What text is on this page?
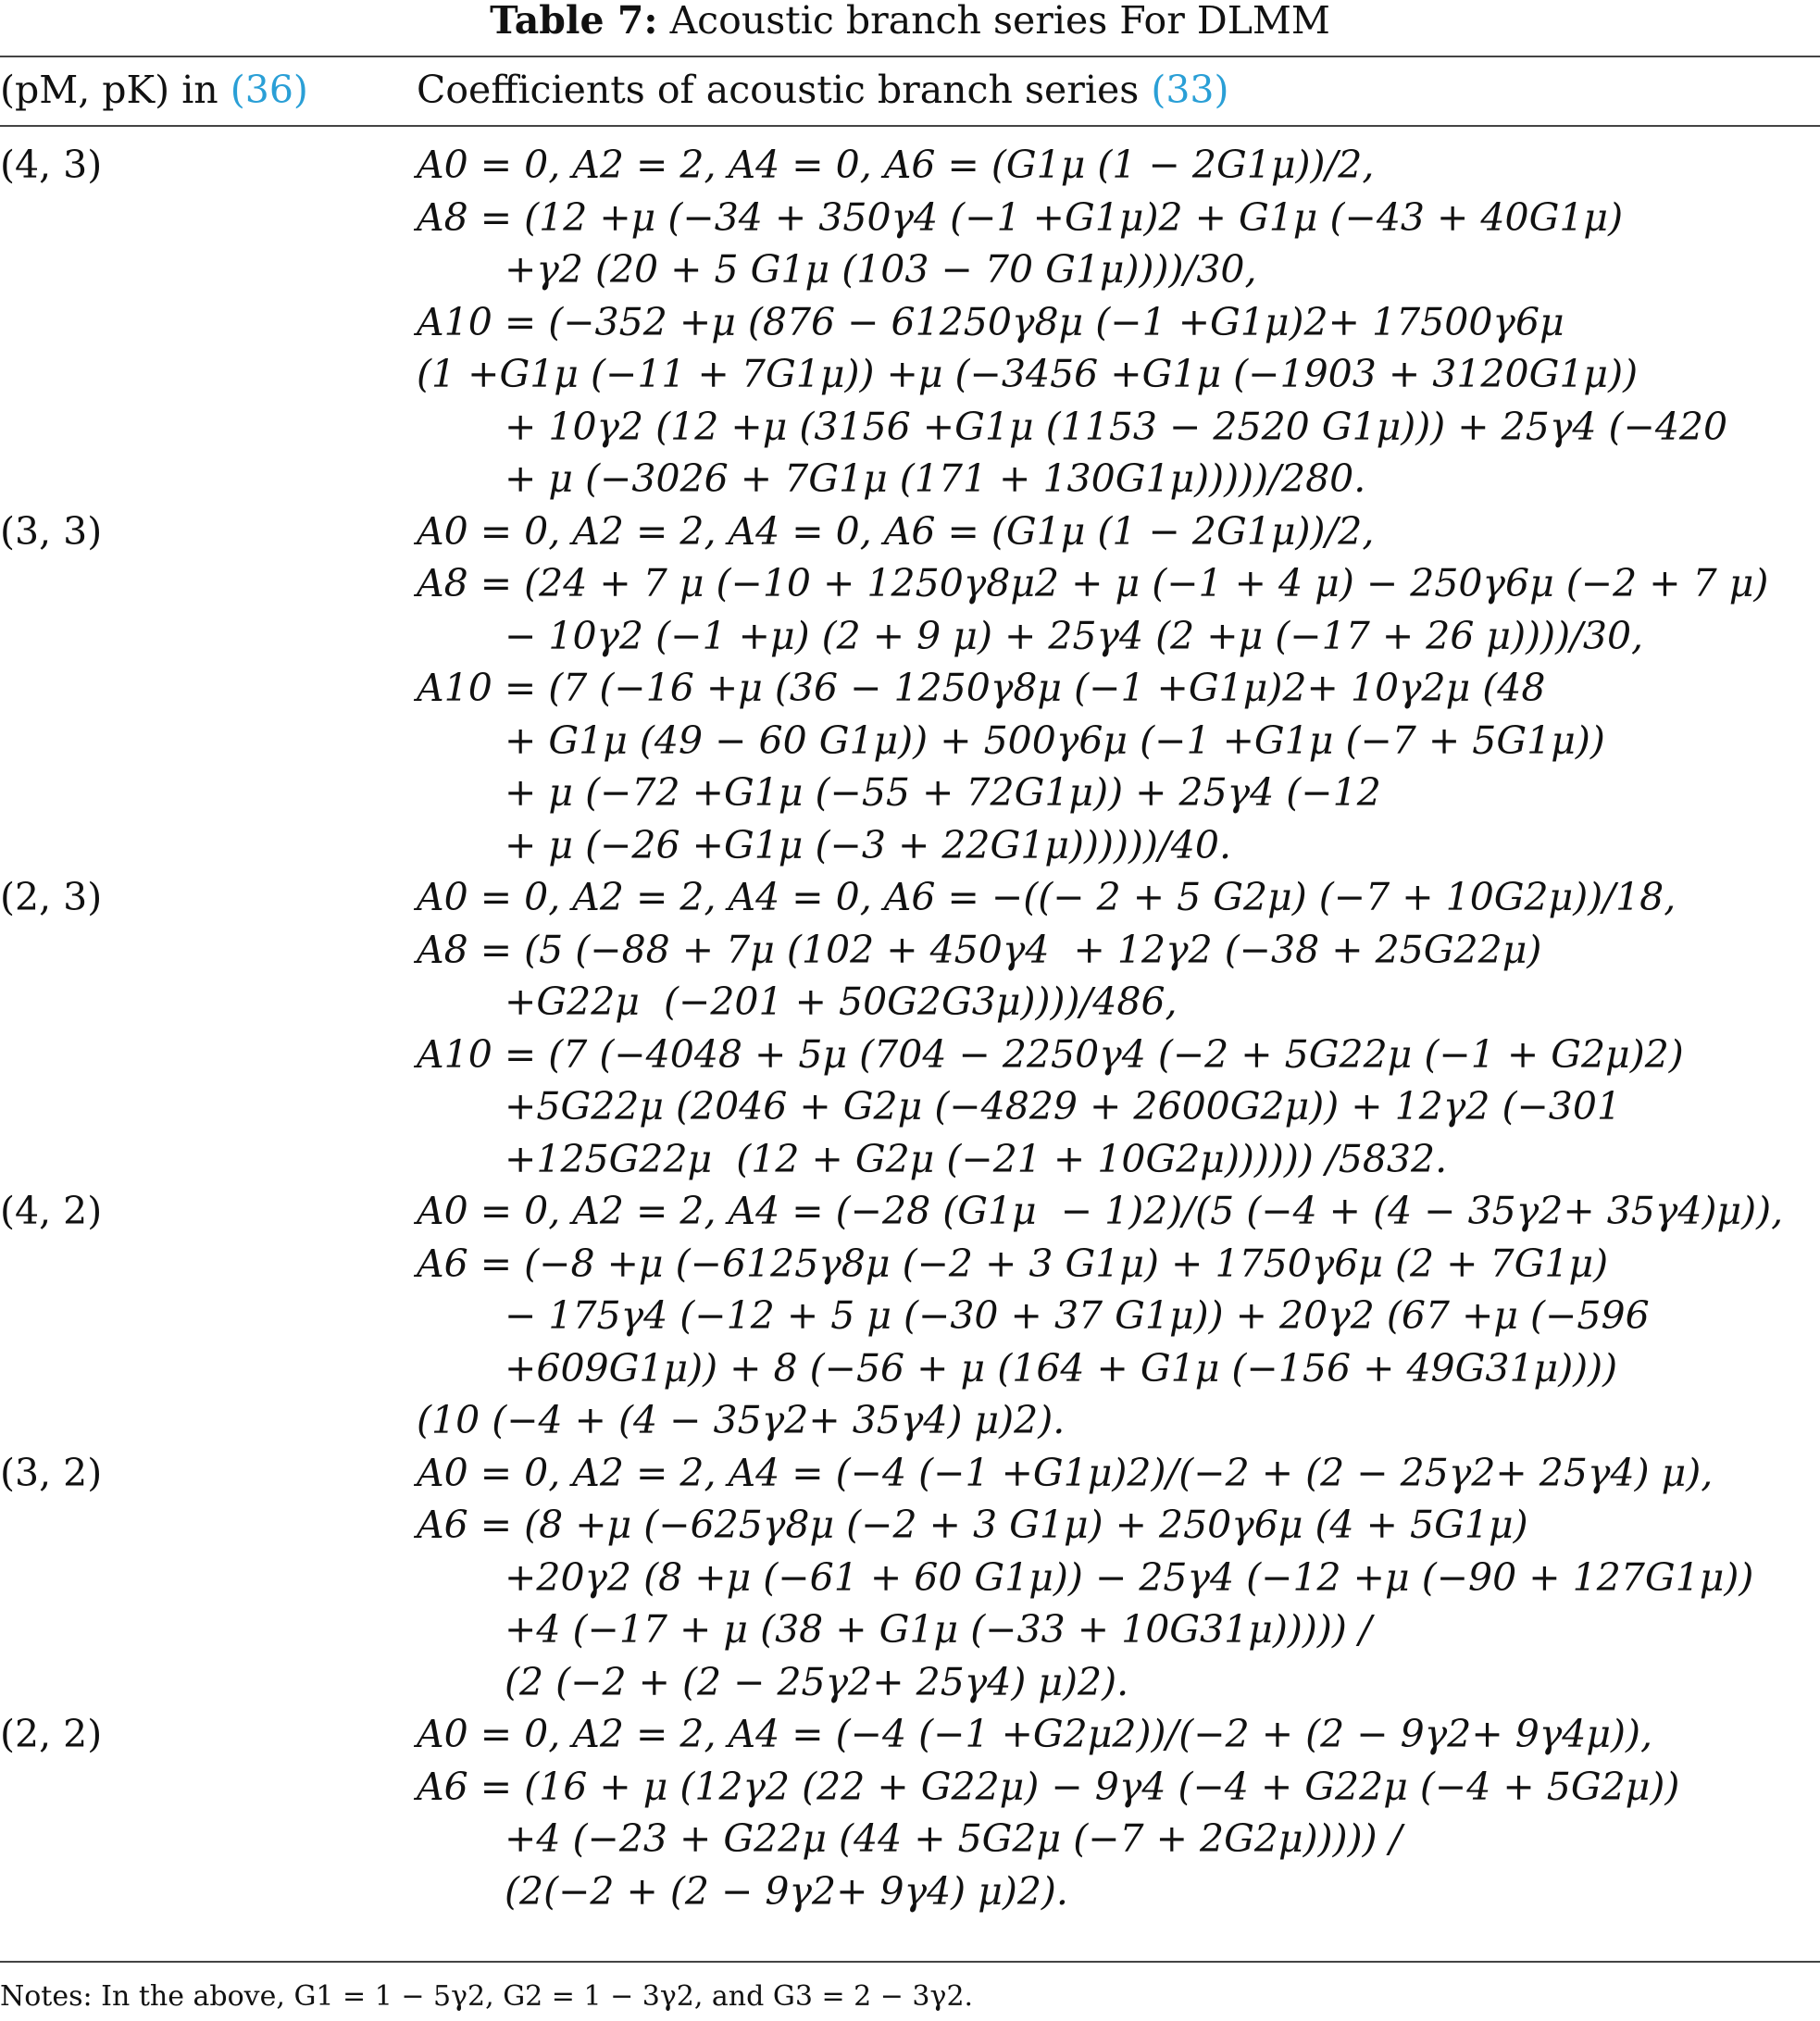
Table 7: Acoustic branch series For DLMM
(pM, pK) in (36)	Coefficients of acoustic branch series (33)
(4, 3)	A0 = 0, A2 = 2, A4 = 0, A6 = (G1μ (1 − 2G1μ))/2,
A8 = (12 +μ (−34 + 350γ4 (−1 +G1μ)2 + G1μ (−43 + 40G1μ)
+γ2 (20 + 5 G1μ (103 − 70 G1μ))))/30,
A10 = (−352 +μ (876 − 61250γ8μ (−1 +G1μ)2+ 17500γ6μ
(1 +G1μ (−11 + 7G1μ)) +μ (−3456 +G1μ (−1903 + 3120G1μ))
+ 10γ2 (12 +μ (3156 +G1μ (1153 − 2520 G1μ))) + 25γ4 (−420
+ μ (−3026 + 7G1μ (171 + 130G1μ)))))/280.
(3, 3)	A0 = 0, A2 = 2, A4 = 0, A6 = (G1μ (1 − 2G1μ))/2,
A8 = (24 + 7 μ (−10 + 1250γ8μ2 + μ (−1 + 4 μ) − 250γ6μ (−2 + 7 μ)
− 10γ2 (−1 +μ) (2 + 9 μ) + 25γ4 (2 +μ (−17 + 26 μ))))/30,
A10 = (7 (−16 +μ (36 − 1250γ8μ (−1 +G1μ)2+ 10γ2μ (48
+ G1μ (49 − 60 G1μ)) + 500γ6μ (−1 +G1μ (−7 + 5G1μ))
+ μ (−72 +G1μ (−55 + 72G1μ)) + 25γ4 (−12
+ μ (−26 +G1μ (−3 + 22G1μ))))))/40.
(2, 3)	A0 = 0, A2 = 2, A4 = 0, A6 = −((− 2 + 5 G2μ) (−7 + 10G2μ))/18,
A8 = (5 (−88 + 7μ (102 + 450γ4  + 12γ2 (−38 + 25G22μ)
+G22μ  (−201 + 50G2G3μ))))/486,
A10 = (7 (−4048 + 5μ (704 − 2250γ4 (−2 + 5G22μ (−1 + G2μ)2)
+5G22μ (2046 + G2μ (−4829 + 2600G2μ)) + 12γ2 (−301
+125G22μ  (12 + G2μ (−21 + 10G2μ)))))) /5832.
(4, 2)	A0 = 0, A2 = 2, A4 = (−28 (G1μ  − 1)2)/(5 (−4 + (4 − 35γ2+ 35γ4)μ)),
A6 = (−8 +μ (−6125γ8μ (−2 + 3 G1μ) + 1750γ6μ (2 + 7G1μ)
− 175γ4 (−12 + 5 μ (−30 + 37 G1μ)) + 20γ2 (67 +μ (−596
+609G1μ)) + 8 (−56 + μ (164 + G1μ (−156 + 49G31μ))))
(10 (−4 + (4 − 35γ2+ 35γ4) μ)2).
(3, 2)	A0 = 0, A2 = 2, A4 = (−4 (−1 +G1μ)2)/(−2 + (2 − 25γ2+ 25γ4) μ),
A6 = (8 +μ (−625γ8μ (−2 + 3 G1μ) + 250γ6μ (4 + 5G1μ)
+20γ2 (8 +μ (−61 + 60 G1μ)) − 25γ4 (−12 +μ (−90 + 127G1μ))
+4 (−17 + μ (38 + G1μ (−33 + 10G31μ))))) /
(2 (−2 + (2 − 25γ2+ 25γ4) μ)2).
(2, 2)	A0 = 0, A2 = 2, A4 = (−4 (−1 +G2μ2))/(−2 + (2 − 9γ2+ 9γ4μ)),
A6 = (16 + μ (12γ2 (22 + G22μ) − 9γ4 (−4 + G22μ (−4 + 5G2μ))
+4 (−23 + G22μ (44 + 5G2μ (−7 + 2G2μ))))) /
(2(−2 + (2 − 9γ2+ 9γ4) μ)2).
Notes: In the above, G1 = 1 − 5γ2, G2 = 1 − 3γ2, and G3 = 2 − 3γ2.
